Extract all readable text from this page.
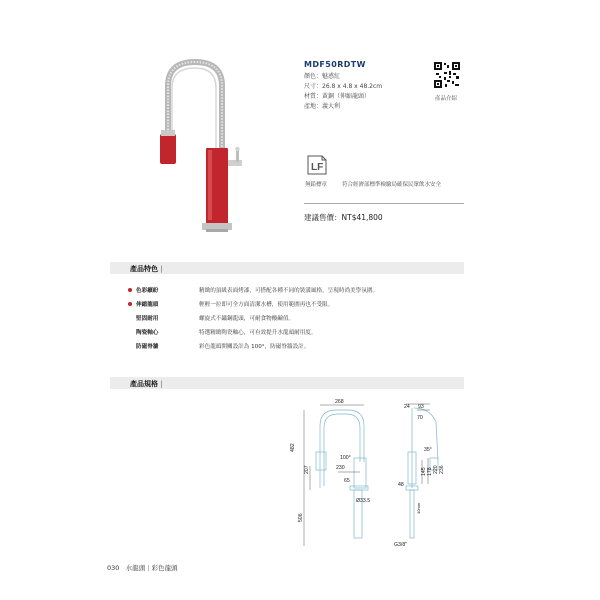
MDF50RDTW
顏色：魅惑紅
尺寸：26.8 x 4.8 x 48.2cm
材質：黃銅（伸縮龍頭）
產地：義大利
產品介紹
LF
無鉛標章	符合經濟部標準檢驗局確保民眾飲水安全
建議售價：NT$41,800
產品特色 |
色彩繽紛	精緻的頂級表面烤漆，可搭配各種不同的裝潢風格，呈現時尚美學氛圍。
伸縮龍頭	輕輕一拉即可全方面清潔水槽，使用範圍再也不受限。
堅固耐用	螺旋式不鏽鋼龍頭，可耐食物酸鹼值。
陶瓷軸心	特選精緻陶瓷軸心，可有效提升水龍頭耐用度。
防磁脊牆	彩色龍頭開關設計為 100°，防磁脊牆設計。
產品規格 |
268
482
100°
207	230
65
Ø33.5
506
24 93
70
35°
145 178 220 236
48
40mm
G3/8"
030 水龍頭 | 彩色龍頭
